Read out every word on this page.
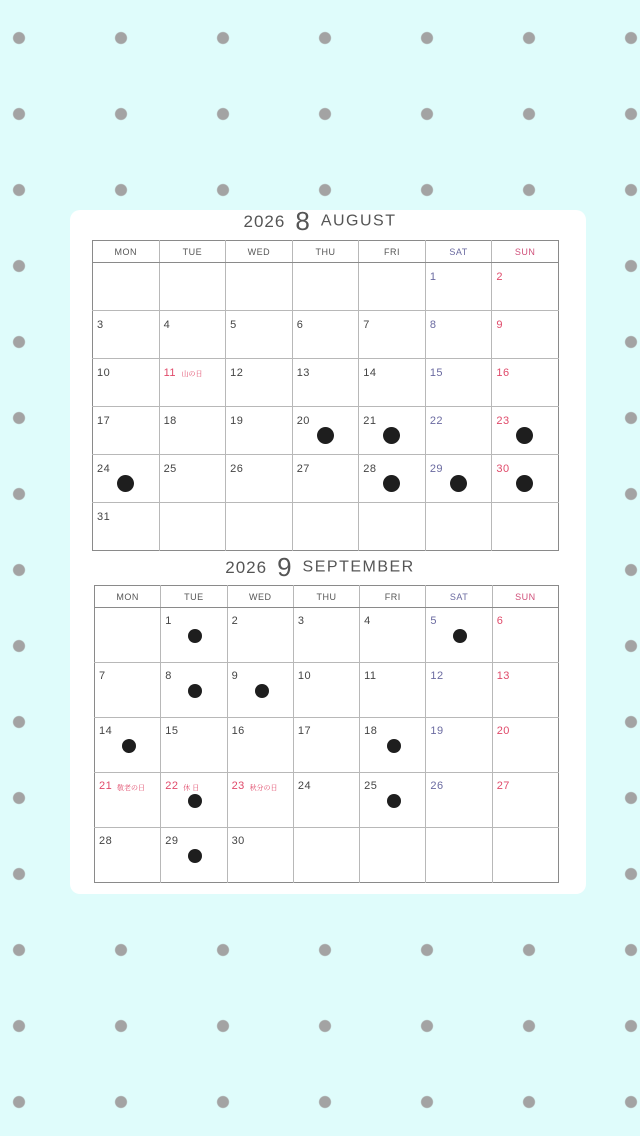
2026 8 AUGUST
MON	TUE	WED	THU	FRI	SAT	SUN

					1	2

3	4	5	6	7	8	9

10	11 山の日	12	13	14	15	16

17	18	19	20	21	22	23

24	25	26	27	28	29	30

31						

2026 9 SEPTEMBER
MON	TUE	WED	THU	FRI	SAT	SUN

	1	2	3	4	5	6

7	8	9	10	11	12	13

14	15	16	17	18	19	20

21 敬老の日	22 休 日	23 秋分の日	24	25	26	27

28	29	30				
